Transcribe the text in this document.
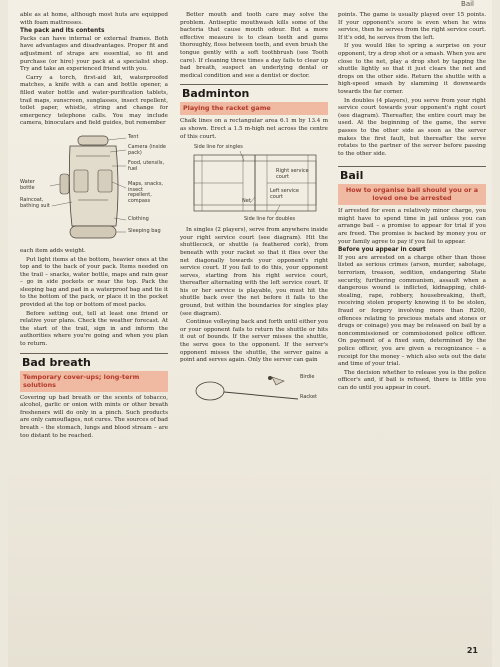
Bail

able as at home, although most huts are equipped with foam mattresses.

The pack and its contents

Packs can have internal or external frames. Both have advantages and disadvantages. Proper fit and adjustment of straps are essential, so fit and purchase (or hire) your pack at a specialist shop. Try and take an experienced friend with you.

Carry a torch, first-aid kit, waterproofed matches, a knife with a can and bottle opener, a filled water bottle and water-purification tablets, trail maps, sunscreen, sunglasses, insect repellent, toilet paper, whistle, string and change for emergency telephone calls. You may include camera, binoculars and field guides, but remember

Tent
Camera (inside pack)
Food, utensils, fuel
Water bottle
Maps, snacks, insect repellent, compass
Raincoat, bathing suit
Clothing
Sleeping bag

each item adds weight.

Put light items at the bottom, heavier ones at the top and to the back of your pack. Items needed on the trail – snacks, water bottle, maps and rain gear – go in side pockets or near the top. Pack the sleeping bag and pad in a waterproof bag and tie it to the bottom of the pack, or place it in the pocket provided at the top or bottom of most packs.

Before setting out, tell at least one friend or relative your plans. Check the weather forecast. At the start of the trail, sign in and inform the authorities where you're going and when you plan to return.

Bad breath
Temporary cover-ups; long-term solutions

Covering up bad breath or the scents of tobacco, alcohol, garlic or onion with mints or other breath fresheners will do only in a pinch. Such products are only camouflages, not cures. The sources of bad breath – the stomach, lungs and blood stream – are too distant to be reached.

Better mouth and tooth care may solve the problem. Antiseptic mouthwash kills some of the bacteria that cause mouth odour. But a more effective measure is to clean teeth and gums thoroughly, floss between teeth, and even brush the tongue gently with a soft toothbrush (see Tooth care). If cleaning three times a day fails to clear up bad breath, suspect an underlying dental or medical condition and see a dentist or doctor.

Badminton
Playing the racket game

Chalk lines on a rectangular area 6.1 m by 13.4 m as shown. Erect a 1.5 m-high net across the centre of this court.

Side line for singles
Right service court
Net
Left service court
Side line for doubles

In singles (2 players), serve from anywhere inside your right service court (see diagram). Hit the shuttlecock, or shuttle (a feathered cork), from beneath with your racket so that it flies over the net diagonally towards your opponent's right service court. If you fail to do this, your opponent serves, starting from his right service court, thereafter alternating with the left service court. If his or her service is playable, you must hit the shuttle back over the net before it falls to the ground, but within the boundaries for singles play (see diagram).

Continue volleying back and forth until either you or your opponent fails to return the shuttle or hits it out of bounds. If the server misses the shuttle, the serve goes to the opponent. If the server's opponent misses the shuttle, the server gains a point and serves again. Only the server can gain

Birdie
Racket

points. The game is usually played over 15 points. If your opponent's score is even when he wins service, then he serves from the right service court. If it's odd, he serves from the left.

If you would like to spring a surprise on your opponent, try a drop shot or a smash. When you are close to the net, play a drop shot by tapping the shuttle lightly so that it just clears the net and drops on the other side. Return the shuttle with a high-speed smash by slamming it downwards towards the far corner.

In doubles (4 players), you serve from your right service court towards your opponent's right court (see diagram). Thereafter, the entire court may be used. At the beginning of the game, the serve passes to the other side as soon as the server makes the first fault, but thereafter the serve rotates to the partner of the server before passing to the other side.

Bail
How to organise bail should you or a loved one be arrested

If arrested for even a relatively minor charge, you might have to spend time in jail unless you can arrange bail – a promise to appear for trial if you are freed. The promise is backed by money you or your family agree to pay if you fail to appear.

Before you appear in court

If you are arrested on a charge other than those listed as serious crimes (arson, murder, sabotage, terrorism, treason, sedition, endangering State security, furthering communism, assault when a dangerous wound is inflicted, kidnapping, child-stealing, rape, robbery, housebreaking, theft, receiving stolen property knowing it to be stolen, fraud or forgery involving more than R200, offences relating to precious metals and stones or drugs or coinage) you may be released on bail by a noncommissioned or commissioned police officer. On payment of a fixed sum, determined by the police officer, you are given a recognizance – a receipt for the money – which also sets out the date and time of your trial.

The decision whether to release you is the police officer's and, if bail is refused, there is little you can do until you appear in court.

21
